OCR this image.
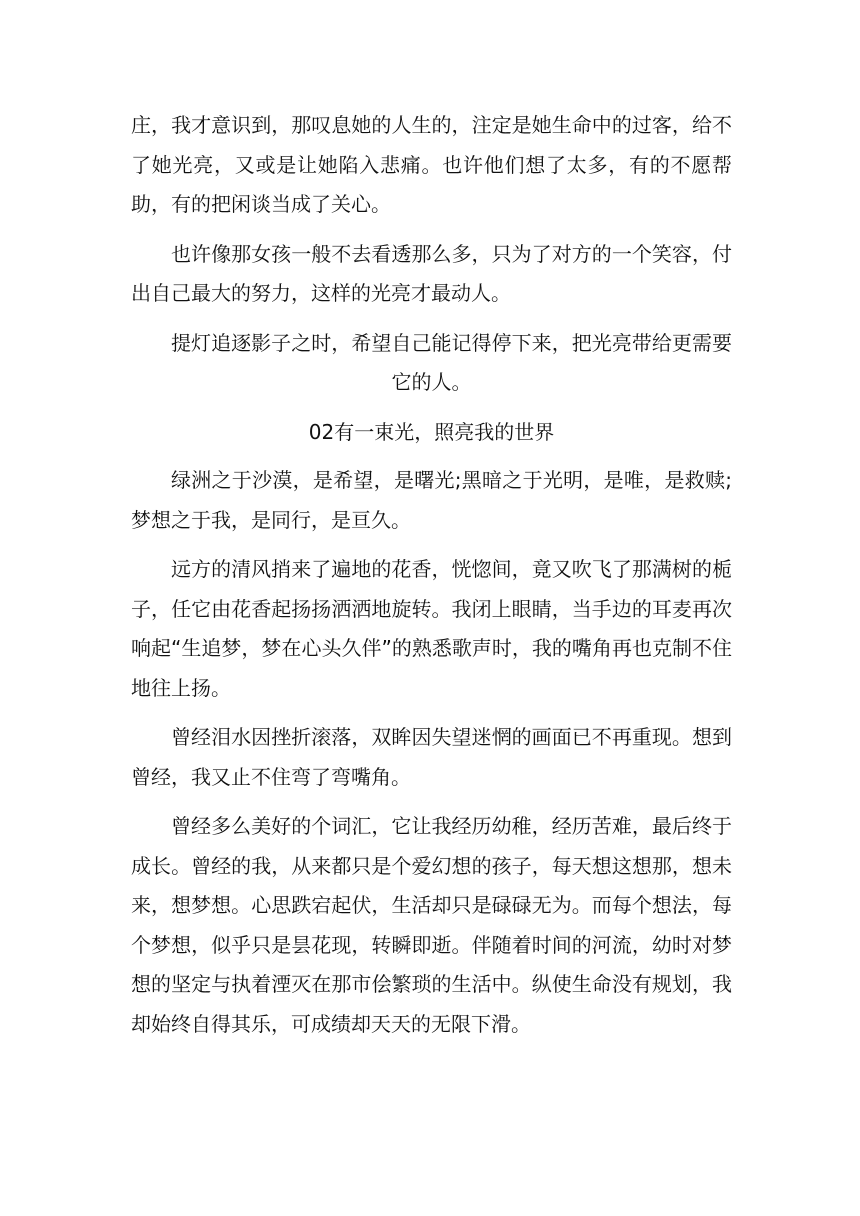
庄，我才意识到，那叹息她的人生的，注定是她生命中的过客，给不了她光亮，又或是让她陷入悲痛。也许他们想了太多，有的不愿帮助，有的把闲谈当成了关心。

也许像那女孩一般不去看透那么多，只为了对方的一个笑容，付出自己最大的努力，这样的光亮才最动人。

提灯追逐影子之时，希望自己能记得停下来，把光亮带给更需要它的人。

02有一束光，照亮我的世界

绿洲之于沙漠，是希望，是曙光;黑暗之于光明，是唯，是救赎;梦想之于我，是同行，是亘久。

远方的清风捎来了遍地的花香，恍惚间，竟又吹飞了那满树的栀子，任它由花香起扬扬洒洒地旋转。我闭上眼睛，当手边的耳麦再次响起“生追梦，梦在心头久伴”的熟悉歌声时，我的嘴角再也克制不住地往上扬。

曾经泪水因挫折滚落，双眸因失望迷惘的画面已不再重现。想到曾经，我又止不住弯了弯嘴角。

曾经多么美好的个词汇，它让我经历幼稚，经历苦难，最后终于成长。曾经的我，从来都只是个爱幻想的孩子，每天想这想那，想未来，想梦想。心思跌宕起伏，生活却只是碌碌无为。而每个想法，每个梦想，似乎只是昙花现，转瞬即逝。伴随着时间的河流，幼时对梦想的坚定与执着湮灭在那市侩繁琐的生活中。纵使生命没有规划，我却始终自得其乐，可成绩却天天的无限下滑。
